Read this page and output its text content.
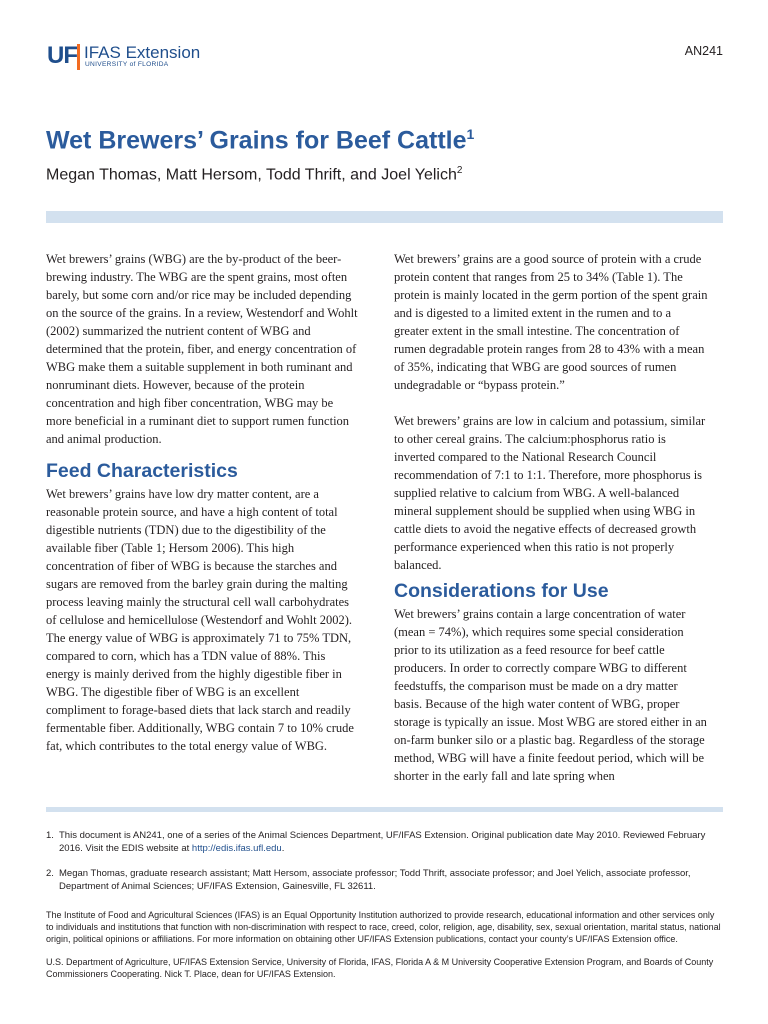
UF IFAS Extension
UNIVERSITY of FLORIDA
AN241
Wet Brewers’ Grains for Beef Cattle$^1$
Megan Thomas, Matt Hersom, Todd Thrift, and Joel Yelich$^2$

Wet brewers’ grains (WBG) are the by-product of the beer-brewing industry. The WBG are the spent grains, most often barely, but some corn and/or rice may be included depending on the source of the grains. In a review, Westendorf and Wohlt (2002) summarized the nutrient content of WBG and determined that the protein, fiber, and energy concentration of WBG make them a suitable supplement in both ruminant and nonruminant diets. However, because of the protein concentration and high fiber concentration, WBG may be more beneficial in a ruminant diet to support rumen function and animal production.

Feed Characteristics

Wet brewers’ grains have low dry matter content, are a reasonable protein source, and have a high content of total digestible nutrients (TDN) due to the digestibility of the available fiber (Table 1; Hersom 2006). This high concentration of fiber of WBG is because the starches and sugars are removed from the barley grain during the malting process leaving mainly the structural cell wall carbohydrates of cellulose and hemicellulose (Westendorf and Wohlt 2002). The energy value of WBG is approximately 71 to 75% TDN, compared to corn, which has a TDN value of 88%. This energy is mainly derived from the highly digestible fiber in WBG. The digestible fiber of WBG is an excellent compliment to forage-based diets that lack starch and readily fermentable fiber. Additionally, WBG contain 7 to 10% crude fat, which contributes to the total energy value of WBG.

Wet brewers’ grains are a good source of protein with a crude protein content that ranges from 25 to 34% (Table 1). The protein is mainly located in the germ portion of the spent grain and is digested to a limited extent in the rumen and to a greater extent in the small intestine. The concentration of rumen degradable protein ranges from 28 to 43% with a mean of 35%, indicating that WBG are good sources of rumen undegradable or “bypass protein.”

Wet brewers’ grains are low in calcium and potassium, similar to other cereal grains. The calcium:phosphorus ratio is inverted compared to the National Research Council recommendation of 7:1 to 1:1. Therefore, more phosphorus is supplied relative to calcium from WBG. A well-balanced mineral supplement should be supplied when using WBG in cattle diets to avoid the negative effects of decreased growth performance experienced when this ratio is not properly balanced.

Considerations for Use

Wet brewers’ grains contain a large concentration of water (mean = 74%), which requires some special consideration prior to its utilization as a feed resource for beef cattle producers. In order to correctly compare WBG to different feedstuffs, the comparison must be made on a dry matter basis. Because of the high water content of WBG, proper storage is typically an issue. Most WBG are stored either in an on-farm bunker silo or a plastic bag. Regardless of the storage method, WBG will have a finite feedout period, which will be shorter in the early fall and late spring when

1. This document is AN241, one of a series of the Animal Sciences Department, UF/IFAS Extension. Original publication date May 2010. Reviewed February 2016. Visit the EDIS website at http://edis.ifas.ufl.edu.
2. Megan Thomas, graduate research assistant; Matt Hersom, associate professor; Todd Thrift, associate professor; and Joel Yelich, associate professor, Department of Animal Sciences; UF/IFAS Extension, Gainesville, FL 32611.

The Institute of Food and Agricultural Sciences (IFAS) is an Equal Opportunity Institution authorized to provide research, educational information and other services only to individuals and institutions that function with non-discrimination with respect to race, creed, color, religion, age, disability, sex, sexual orientation, marital status, national origin, political opinions or affiliations. For more information on obtaining other UF/IFAS Extension publications, contact your county’s UF/IFAS Extension office.

U.S. Department of Agriculture, UF/IFAS Extension Service, University of Florida, IFAS, Florida A & M University Cooperative Extension Program, and Boards of County Commissioners Cooperating. Nick T. Place, dean for UF/IFAS Extension.
